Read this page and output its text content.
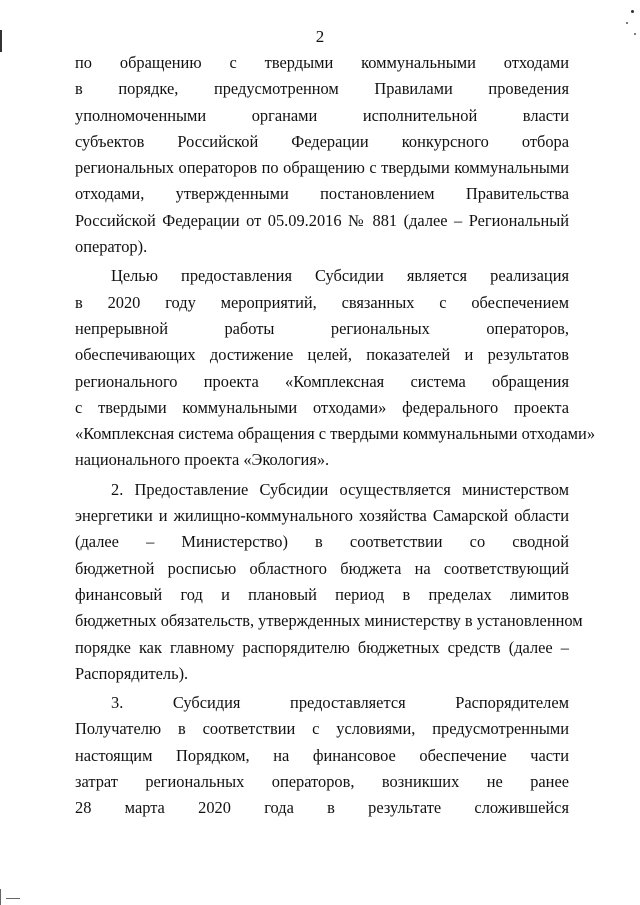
2

по обращению с твердыми коммунальными отходами
в порядке, предусмотренном Правилами проведения
уполномоченными органами исполнительной власти
субъектов Российской Федерации конкурсного отбора
региональных операторов по обращению с твердыми коммунальными
отходами, утвержденными постановлением Правительства
Российской Федерации от 05.09.2016 № 881 (далее – Региональный
оператор).

Целью предоставления Субсидии является реализация
в 2020 году мероприятий, связанных с обеспечением
непрерывной работы региональных операторов,
обеспечивающих достижение целей, показателей и результатов
регионального проекта «Комплексная система обращения
с твердыми коммунальными отходами» федерального проекта
«Комплексная система обращения с твердыми коммунальными отходами»
национального проекта «Экология».

2. Предоставление Субсидии осуществляется министерством
энергетики и жилищно-коммунального хозяйства Самарской области
(далее – Министерство) в соответствии со сводной
бюджетной росписью областного бюджета на соответствующий
финансовый год и плановый период в пределах лимитов
бюджетных обязательств, утвержденных министерству в установленном
порядке как главному распорядителю бюджетных средств (далее –
Распорядитель).

3. Субсидия предоставляется Распорядителем
Получателю в соответствии с условиями, предусмотренными
настоящим Порядком, на финансовое обеспечение части
затрат региональных операторов, возникших не ранее
28 марта 2020 года в результате сложившейся
